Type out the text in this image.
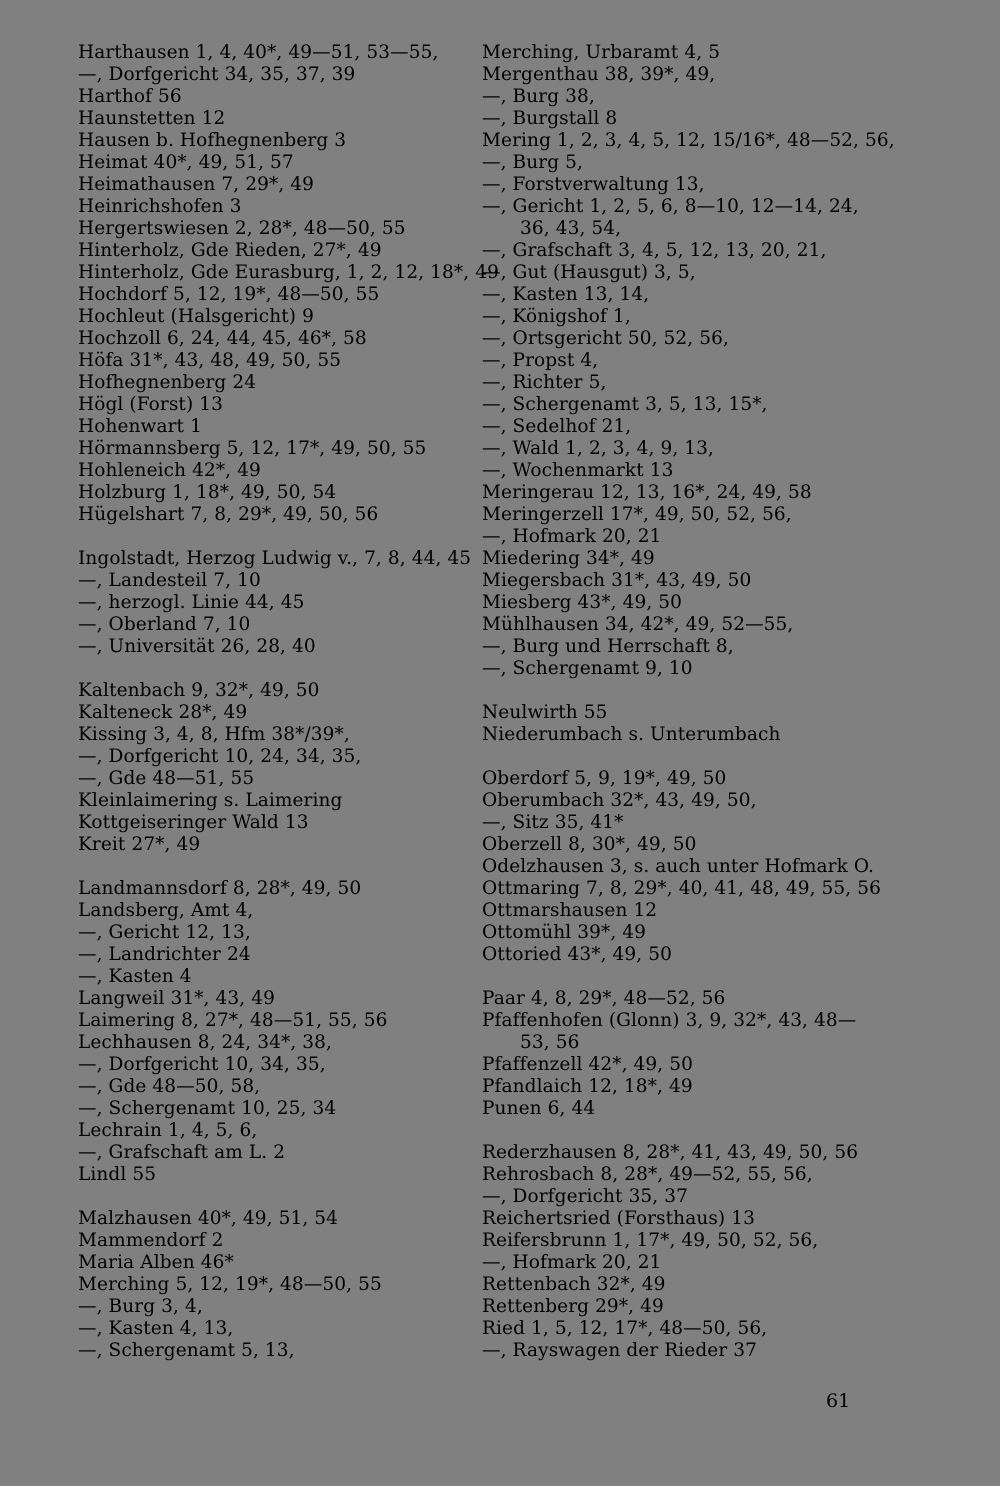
Harthausen 1, 4, 40*, 49—51, 53—55,
—, Dorfgericht 34, 35, 37, 39
Harthof 56
Haunstetten 12
Hausen b. Hofhegnenberg 3
Heimat 40*, 49, 51, 57
Heimathausen 7, 29*, 49
Heinrichshofen 3
Hergertswiesen 2, 28*, 48—50, 55
Hinterholz, Gde Rieden, 27*, 49
Hinterholz, Gde Eurasburg, 1, 2, 12, 18*, 49
Hochdorf 5, 12, 19*, 48—50, 55
Hochleut (Halsgericht) 9
Hochzoll 6, 24, 44, 45, 46*, 58
Höfa 31*, 43, 48, 49, 50, 55
Hofhegnenberg 24
Högl (Forst) 13
Hohenwart 1
Hörmannsberg 5, 12, 17*, 49, 50, 55
Hohleneich 42*, 49
Holzburg 1, 18*, 49, 50, 54
Hügelshart 7, 8, 29*, 49, 50, 56
Ingolstadt, Herzog Ludwig v., 7, 8, 44, 45
—, Landesteil 7, 10
—, herzogl. Linie 44, 45
—, Oberland 7, 10
—, Universität 26, 28, 40
Kaltenbach 9, 32*, 49, 50
Kalteneck 28*, 49
Kissing 3, 4, 8, Hfm 38*/39*,
—, Dorfgericht 10, 24, 34, 35,
—, Gde 48—51, 55
Kleinlaimering s. Laimering
Kottgeiseringer Wald 13
Kreit 27*, 49
Landmannsdorf 8, 28*, 49, 50
Landsberg, Amt 4,
—, Gericht 12, 13,
—, Landrichter 24
—, Kasten 4
Langweil 31*, 43, 49
Laimering 8, 27*, 48—51, 55, 56
Lechhausen 8, 24, 34*, 38,
—, Dorfgericht 10, 34, 35,
—, Gde 48—50, 58,
—, Schergenamt 10, 25, 34
Lechrain 1, 4, 5, 6,
—, Grafschaft am L. 2
Lindl 55
Malzhausen 40*, 49, 51, 54
Mammendorf 2
Maria Alben 46*
Merching 5, 12, 19*, 48—50, 55
—, Burg 3, 4,
—, Kasten 4, 13,
—, Schergenamt 5, 13,
Merching, Urbaramt 4, 5
Mergenthau 38, 39*, 49,
—, Burg 38,
—, Burgstall 8
Mering 1, 2, 3, 4, 5, 12, 15/16*, 48—52, 56,
—, Burg 5,
—, Forstverwaltung 13,
—, Gericht 1, 2, 5, 6, 8—10, 12—14, 24,
36, 43, 54,
—, Grafschaft 3, 4, 5, 12, 13, 20, 21,
—, Gut (Hausgut) 3, 5,
—, Kasten 13, 14,
—, Königshof 1,
—, Ortsgericht 50, 52, 56,
—, Propst 4,
—, Richter 5,
—, Schergenamt 3, 5, 13, 15*,
—, Sedelhof 21,
—, Wald 1, 2, 3, 4, 9, 13,
—, Wochenmarkt 13
Meringerau 12, 13, 16*, 24, 49, 58
Meringerzell 17*, 49, 50, 52, 56,
—, Hofmark 20, 21
Miedering 34*, 49
Miegersbach 31*, 43, 49, 50
Miesberg 43*, 49, 50
Mühlhausen 34, 42*, 49, 52—55,
—, Burg und Herrschaft 8,
—, Schergenamt 9, 10
Neulwirth 55
Niederumbach s. Unterumbach
Oberdorf 5, 9, 19*, 49, 50
Oberumbach 32*, 43, 49, 50,
—, Sitz 35, 41*
Oberzell 8, 30*, 49, 50
Odelzhausen 3, s. auch unter Hofmark O.
Ottmaring 7, 8, 29*, 40, 41, 48, 49, 55, 56
Ottmarshausen 12
Ottomühl 39*, 49
Ottoried 43*, 49, 50
Paar 4, 8, 29*, 48—52, 56
Pfaffenhofen (Glonn) 3, 9, 32*, 43, 48—
53, 56
Pfaffenzell 42*, 49, 50
Pfandlaich 12, 18*, 49
Punen 6, 44
Rederzhausen 8, 28*, 41, 43, 49, 50, 56
Rehrosbach 8, 28*, 49—52, 55, 56,
—, Dorfgericht 35, 37
Reichertsried (Forsthaus) 13
Reifersbrunn 1, 17*, 49, 50, 52, 56,
—, Hofmark 20, 21
Rettenbach 32*, 49
Rettenberg 29*, 49
Ried 1, 5, 12, 17*, 48—50, 56,
—, Rayswagen der Rieder 37
61
